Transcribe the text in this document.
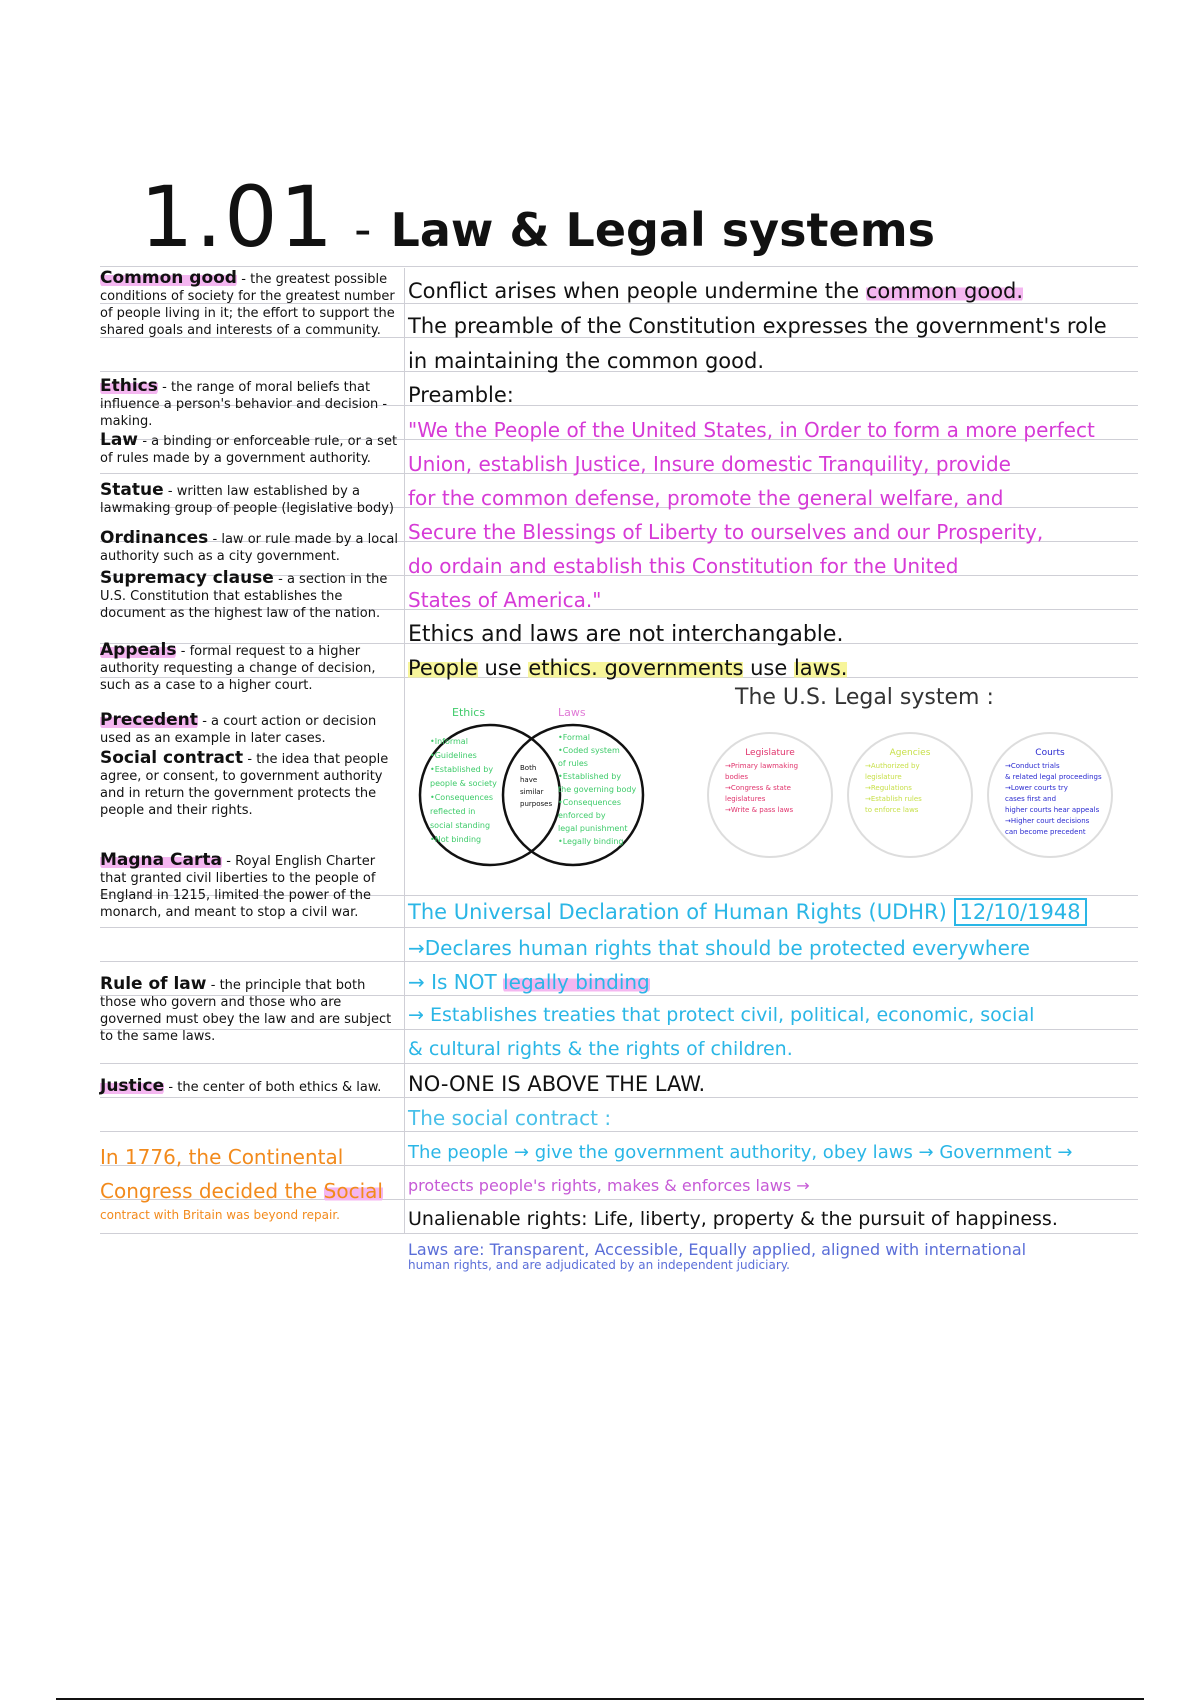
1.01 - Law & Legal systems
Common good - the greatest possible conditions of society for the greatest number of people living in it; the effort to support the shared goals and interests of a community.
Ethics - the range of moral beliefs that influence a person's behavior and decision - making.
Law - a binding or enforceable rule, or a set of rules made by a government authority.
Statue - written law established by a lawmaking group of people (legislative body)
Ordinances - law or rule made by a local authority such as a city government.
Supremacy clause - a section in the U.S. Constitution that establishes the document as the highest law of the nation.
Appeals - formal request to a higher authority requesting a change of decision, such as a case to a higher court.
Precedent - a court action or decision used as an example in later cases.
Social contract - the idea that people agree, or consent, to government authority and in return the government protects the people and their rights.
Magna Carta - Royal English Charter that granted civil liberties to the people of England in 1215, limited the power of the monarch, and meant to stop a civil war.
Rule of law - the principle that both those who govern and those who are governed must obey the law and are subject to the same laws.
Justice - the center of both ethics & law.
In 1776, the Continental
Congress decided the Social
contract with Britain was beyond repair.
Conflict arises when people undermine the common good.
The preamble of the Constitution expresses the government's role
in maintaining the common good.
Preamble:
"We the People of the United States, in Order to form a more perfect
Union, establish Justice, Insure domestic Tranquility, provide
for the common defense, promote the general welfare, and
Secure the Blessings of Liberty to ourselves and our Prosperity,
do ordain and establish this Constitution for the United
States of America."
Ethics and laws are not interchangable.
People use ethics. governments use laws.
The U.S. Legal system :
Ethics	Laws
•Informal
•Guidelines
•Established by
people & society
•Consequences
reflected in
social standing
•Not binding
Both
have
similar
purposes
•Formal
•Coded system
of rules
•Established by
the governing body
•Consequences
enforced by
legal punishment
•Legally binding
Legislature
→Primary lawmaking
bodies
→Congress & state
legislatures
→Write & pass laws
Agencies
→Authorized by
legislature
→Regulations
→Establish rules
to enforce laws
Courts
→Conduct trials
& related legal proceedings
→Lower courts try
cases first and
higher courts hear appeals
→Higher court decisions
can become precedent
The Universal Declaration of Human Rights (UDHR) 12/10/1948
→Declares human rights that should be protected everywhere
→ Is NOT legally binding
→ Establishes treaties that protect civil, political, economic, social
& cultural rights & the rights of children.
NO-ONE IS ABOVE THE LAW.
The social contract :
The people → give the government authority, obey laws → Government →
protects people's rights, makes & enforces laws →
Unalienable rights: Life, liberty, property & the pursuit of happiness.
Laws are: Transparent, Accessible, Equally applied, aligned with international
human rights, and are adjudicated by an independent judiciary.
